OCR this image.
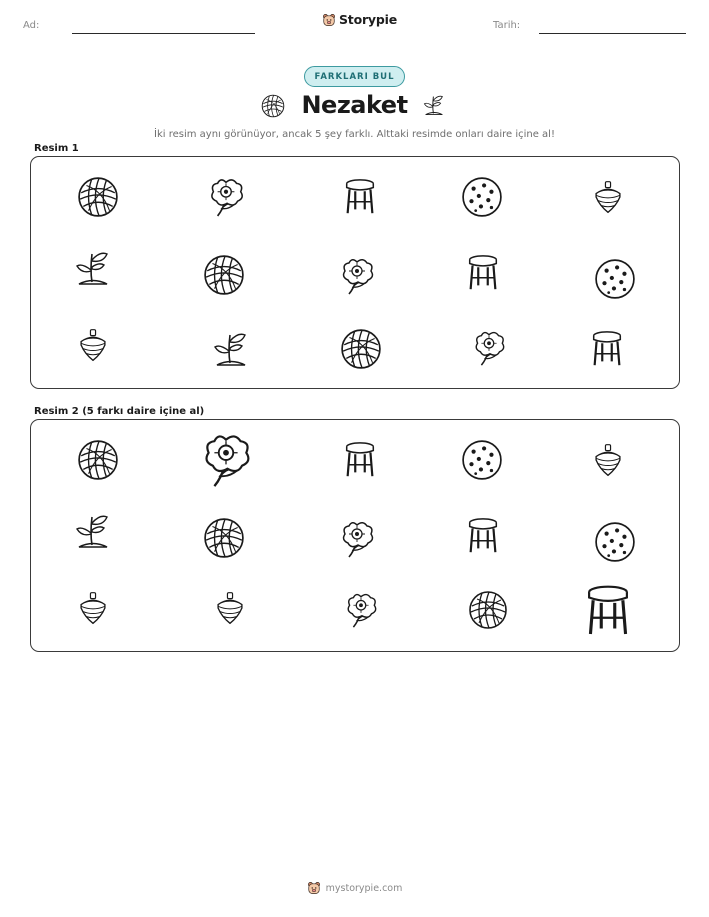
Ad:	Storypie	Tarih:
FARKLARI BUL
Nezaket
İki resim aynı görünüyor, ancak 5 şey farklı. Alttaki resimde onları daire içine al!
Resim 1
Resim 2 (5 farkı daire içine al)
mystorypie.com
